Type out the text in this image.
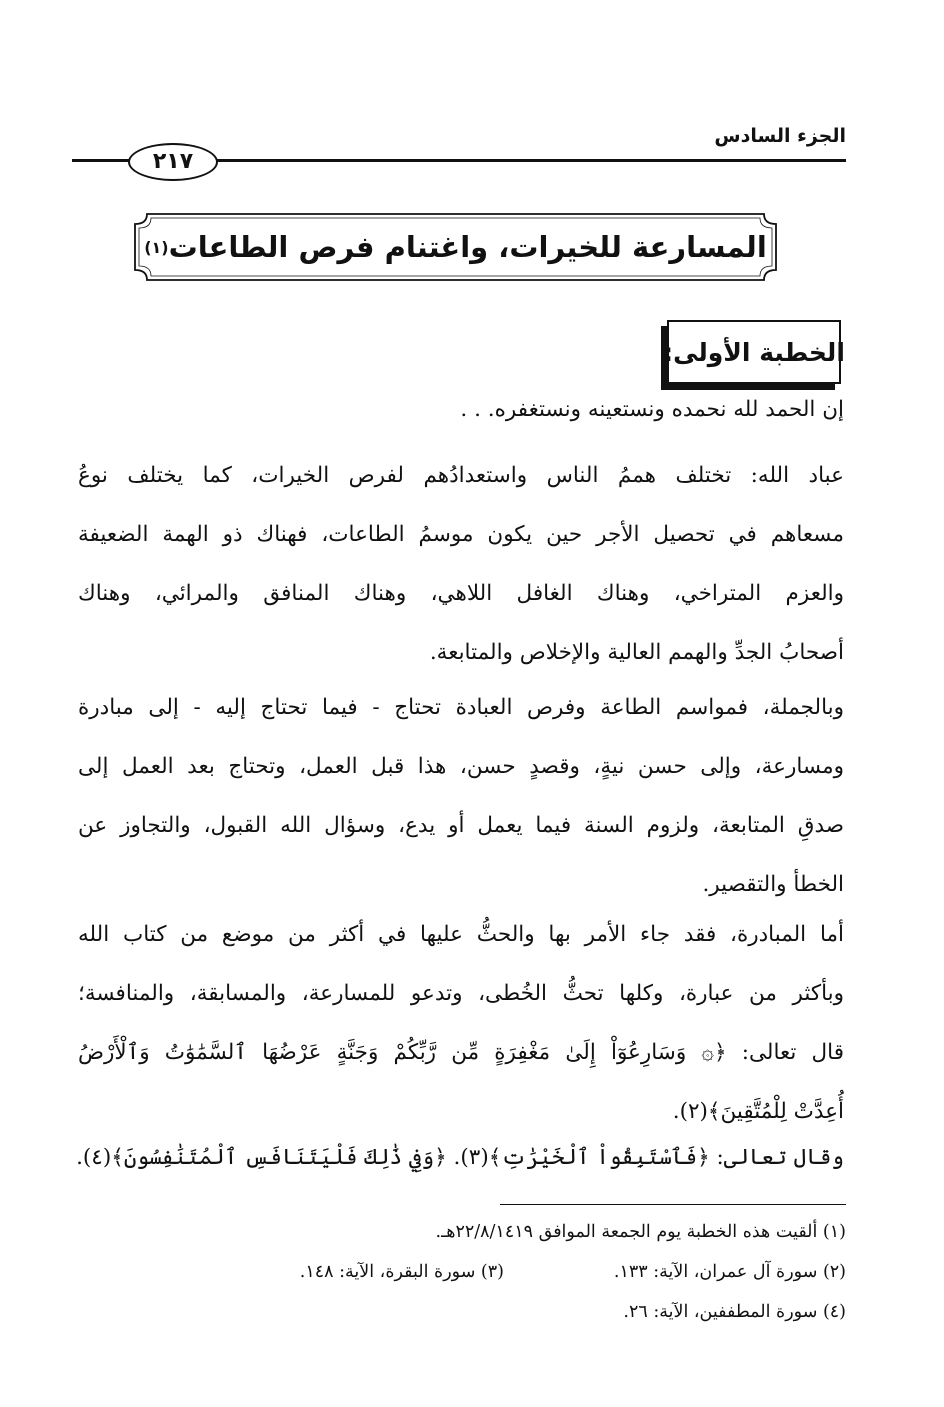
الجزء السادس
٢١٧
المسارعة للخيرات، واغتنام فرص الطاعات
(١)
الخطبة الأولى:
إن الحمد لله نحمده ونستعينه ونستغفره. . .
عباد الله: تختلف هممُ الناس واستعدادُهم لفرص الخيرات، كما يختلف نوعُ
مسعاهم في تحصيل الأجر حين يكون موسمُ الطاعات، فهناك ذو الهمة الضعيفة
والعزم المتراخي، وهناك الغافل اللاهي، وهناك المنافق والمرائي، وهناك
أصحابُ الجدِّ والهمم العالية والإخلاص والمتابعة.
وبالجملة، فمواسم الطاعة وفرص العبادة تحتاج - فيما تحتاج إليه - إلى مبادرة
ومسارعة، وإلى حسن نيةٍ، وقصدٍ حسن، هذا قبل العمل، وتحتاج بعد العمل إلى
صدقِ المتابعة، ولزوم السنة فيما يعمل أو يدع، وسؤال الله القبول، والتجاوز عن
الخطأ والتقصير.
أما المبادرة، فقد جاء الأمر بها والحثُّ عليها في أكثر من موضع من كتاب الله
وبأكثر من عبارة، وكلها تحثُّ الخُطى، وتدعو للمسارعة، والمسابقة، والمنافسة؛
قال تعالى: ﴿۞ وَسَارِعُوٓاْ إِلَىٰ مَغْفِرَةٍ مِّن رَّبِّكُمْ وَجَنَّةٍ عَرْضُهَا ٱلسَّمَٰوَٰتُ وَٱلْأَرْضُ
أُعِدَّتْ لِلْمُتَّقِينَ﴾(٢).
وقال تعالى: ﴿فَٱسْتَبِقُواْ ٱلْخَيْرَٰتِ﴾(٣). ﴿وَفِي ذَٰلِكَ فَلْيَتَنَافَسِ ٱلْمُتَنَٰفِسُونَ﴾(٤).
(١) ألقيت هذه الخطبة يوم الجمعة الموافق ٢٢/٨/١٤١٩هـ.
(٢) سورة آل عمران، الآية: ١٣٣.
(٣) سورة البقرة، الآية: ١٤٨.
(٤) سورة المطففين، الآية: ٢٦.
